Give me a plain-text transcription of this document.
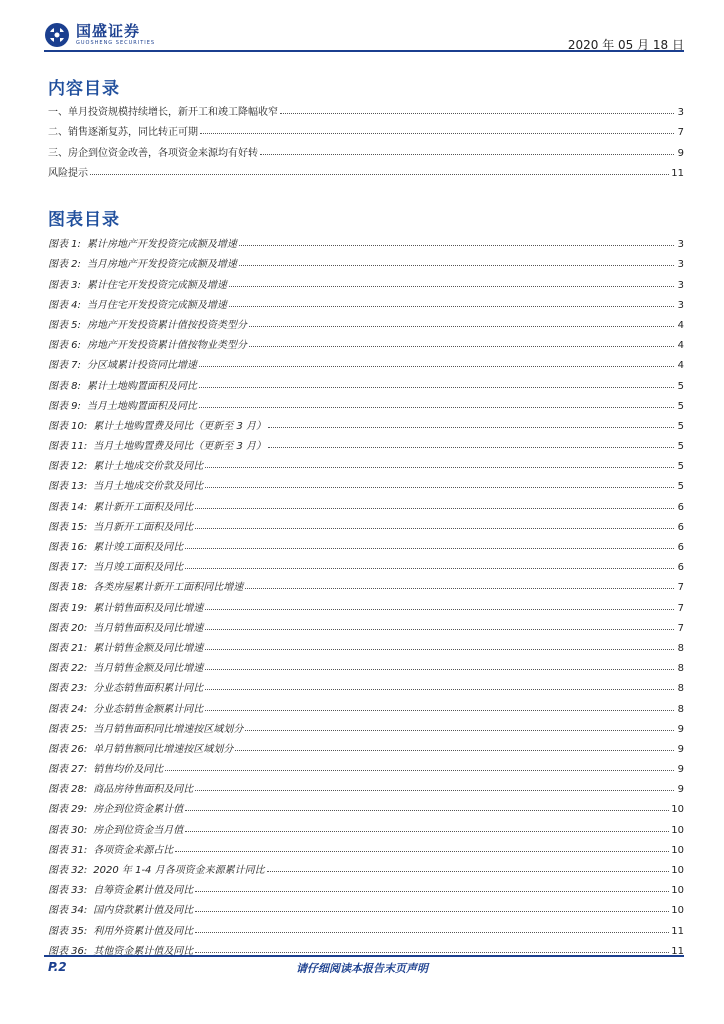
国盛证券
GUOSHENG SECURITIES	2020 年 05 月 18 日
内容目录
一、单月投资规模持续增长，新开工和竣工降幅收窄	3
二、销售逐渐复苏，同比转正可期	7
三、房企到位资金改善，各项资金来源均有好转	9
风险提示	11
图表目录
图表 1: 累计房地产开发投资完成额及增速	3
图表 2: 当月房地产开发投资完成额及增速	3
图表 3: 累计住宅开发投资完成额及增速	3
图表 4: 当月住宅开发投资完成额及增速	3
图表 5: 房地产开发投资累计值按投资类型分	4
图表 6: 房地产开发投资累计值按物业类型分	4
图表 7: 分区域累计投资同比增速	4
图表 8: 累计土地购置面积及同比	5
图表 9: 当月土地购置面积及同比	5
图表 10: 累计土地购置费及同比（更新至 3 月）	5
图表 11: 当月土地购置费及同比（更新至 3 月）	5
图表 12: 累计土地成交价款及同比	5
图表 13: 当月土地成交价款及同比	5
图表 14: 累计新开工面积及同比	6
图表 15: 当月新开工面积及同比	6
图表 16: 累计竣工面积及同比	6
图表 17: 当月竣工面积及同比	6
图表 18: 各类房屋累计新开工面积同比增速	7
图表 19: 累计销售面积及同比增速	7
图表 20: 当月销售面积及同比增速	7
图表 21: 累计销售金额及同比增速	8
图表 22: 当月销售金额及同比增速	8
图表 23: 分业态销售面积累计同比	8
图表 24: 分业态销售金额累计同比	8
图表 25: 当月销售面积同比增速按区域划分	9
图表 26: 单月销售额同比增速按区域划分	9
图表 27: 销售均价及同比	9
图表 28: 商品房待售面积及同比	9
图表 29: 房企到位资金累计值	10
图表 30: 房企到位资金当月值	10
图表 31: 各项资金来源占比	10
图表 32: 2020 年 1-4 月各项资金来源累计同比	10
图表 33: 自筹资金累计值及同比	10
图表 34: 国内贷款累计值及同比	10
图表 35: 利用外资累计值及同比	11
图表 36: 其他资金累计值及同比	11
P.2	请仔细阅读本报告末页声明
